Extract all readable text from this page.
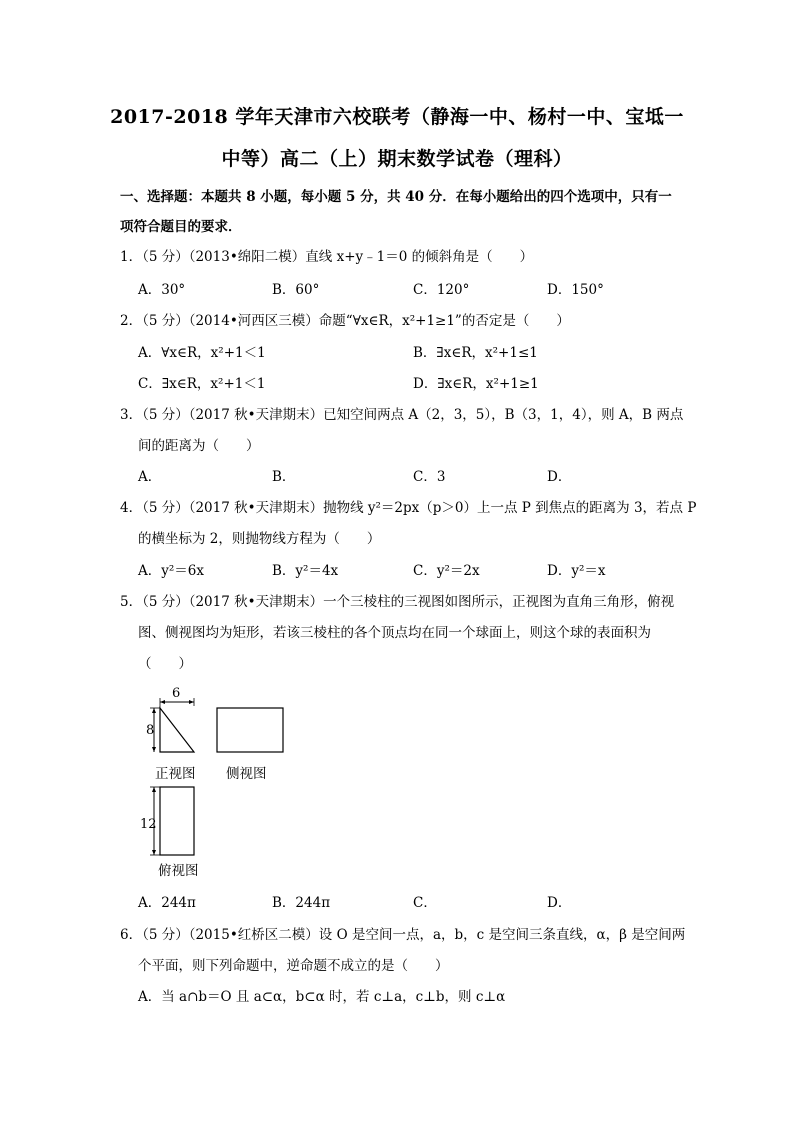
2017-2018 学年天津市六校联考（静海一中、杨村一中、宝坻一
中等）高二（上）期末数学试卷（理科）
一、选择题：本题共 8 小题，每小题 5 分，共 40 分．在每小题给出的四个选项中，只有一
项符合题目的要求．
1．（5 分）（2013•绵阳二模）直线 x+y﹣1＝0 的倾斜角是（　　）
A．30°	B．60°	C．120°	D．150°
2．（5 分）（2014•河西区三模）命题“∀x∈R，x²+1≥1”的否定是（　　）
A．∀x∈R，x²+1＜1	B．∃x∈R，x²+1≤1
C．∃x∈R，x²+1＜1	D．∃x∈R，x²+1≥1
3．（5 分）（2017 秋•天津期末）已知空间两点 A（2，3，5），B（3，1，4），则 A，B 两点
间的距离为（　　）
A．	B．	C．3	D．
4．（5 分）（2017 秋•天津期末）抛物线 y²＝2px（p＞0）上一点 P 到焦点的距离为 3，若点 P
的横坐标为 2，则抛物线方程为（　　）
A．y²＝6x	B．y²＝4x	C．y²＝2x	D．y²＝x
5．（5 分）（2017 秋•天津期末）一个三棱柱的三视图如图所示，正视图为直角三角形，俯视
图、侧视图均为矩形，若该三棱柱的各个顶点均在同一个球面上，则这个球的表面积为
（　　）
6
8
12
正视图 侧视图
俯视图
A．244π	B．244π	C．	D．
6．（5 分）（2015•红桥区二模）设 O 是空间一点，a，b，c 是空间三条直线，α，β 是空间两
个平面，则下列命题中，逆命题不成立的是（　　）
A．当 a∩b＝O 且 a⊂α，b⊂α 时，若 c⊥a，c⊥b，则 c⊥α
